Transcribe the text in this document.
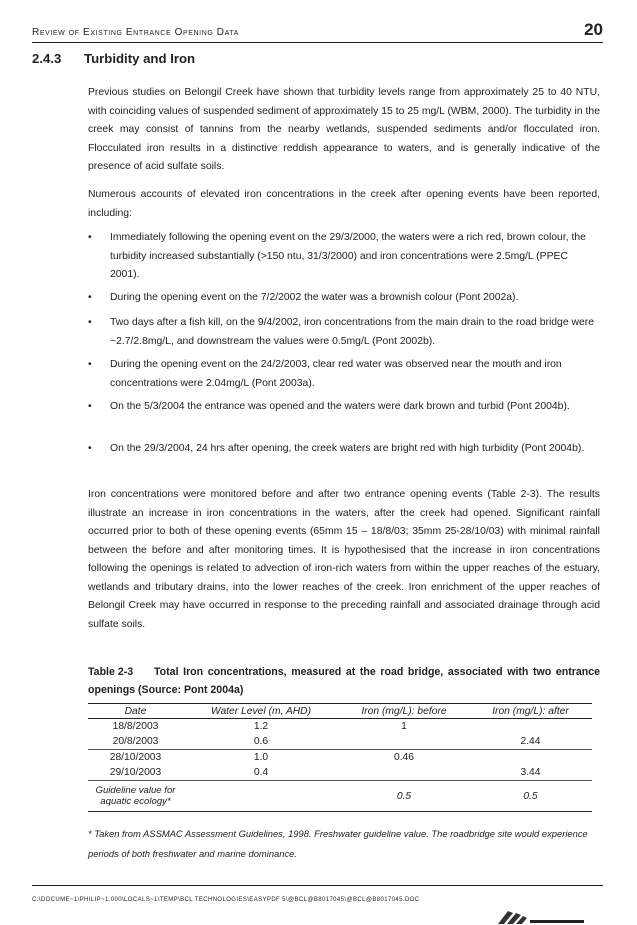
Review of Existing Entrance Opening Data	20
2.4.3 Turbidity and Iron

Previous studies on Belongil Creek have shown that turbidity levels range from approximately 25 to 40 NTU, with coinciding values of suspended sediment of approximately 15 to 25 mg/L (WBM, 2000). The turbidity in the creek may consist of tannins from the nearby wetlands, suspended sediments and/or flocculated iron. Flocculated iron results in a distinctive reddish appearance to waters, and is generally indicative of the presence of acid sulfate soils.

Numerous accounts of elevated iron concentrations in the creek after opening events have been reported, including:

• Immediately following the opening event on the 29/3/2000, the waters were a rich red, brown colour, the turbidity increased substantially (>150 ntu, 31/3/2000) and iron concentrations were 2.5mg/L (PPEC 2001).
• During the opening event on the 7/2/2002 the water was a brownish colour (Pont 2002a).
• Two days after a fish kill, on the 9/4/2002, iron concentrations from the main drain to the road bridge were ~2.7/2.8mg/L, and downstream the values were 0.5mg/L (Pont 2002b).
• During the opening event on the 24/2/2003, clear red water was observed near the mouth and iron concentrations were 2.04mg/L (Pont 2003a).
• On the 5/3/2004 the entrance was opened and the waters were dark brown and turbid (Pont 2004b).
• On the 29/3/2004, 24 hrs after opening, the creek waters are bright red with high turbidity (Pont 2004b).

Iron concentrations were monitored before and after two entrance opening events (Table 2-3). The results illustrate an increase in iron concentrations in the waters, after the creek had opened. Significant rainfall occurred prior to both of these opening events (65mm 15 – 18/8/03; 35mm 25-28/10/03) with minimal rainfall between the before and after monitoring times. It is hypothesised that the increase in iron concentrations following the openings is related to advection of iron-rich waters from within the upper reaches of the estuary, wetlands and tributary drains, into the lower reaches of the creek. Iron enrichment of the upper reaches of Belongil Creek may have occurred in response to the preceding rainfall and associated drainage through acid sulfate soils.

Table 2-3 Total Iron concentrations, measured at the road bridge, associated with two entrance openings (Source: Pont 2004a)
Date	Water Level (m, AHD)	Iron (mg/L): before	Iron (mg/L): after
18/8/2003	1.2	1	
20/8/2003	0.6		2.44
28/10/2003	1.0	0.46	
29/10/2003	0.4		3.44
Guideline value for aquatic ecology*		0.5	0.5
* Taken from ASSMAC Assessment Guidelines, 1998. Freshwater guideline value. The roadbridge site would experience periods of both freshwater and marine dominance.
C:\DOCUME~1\PHILIP~1.000\LOCALS~1\TEMP\BCL TECHNOLOGIES\EASYPDF 5\@BCL@B8017045\@BCL@B8017045.DOC
